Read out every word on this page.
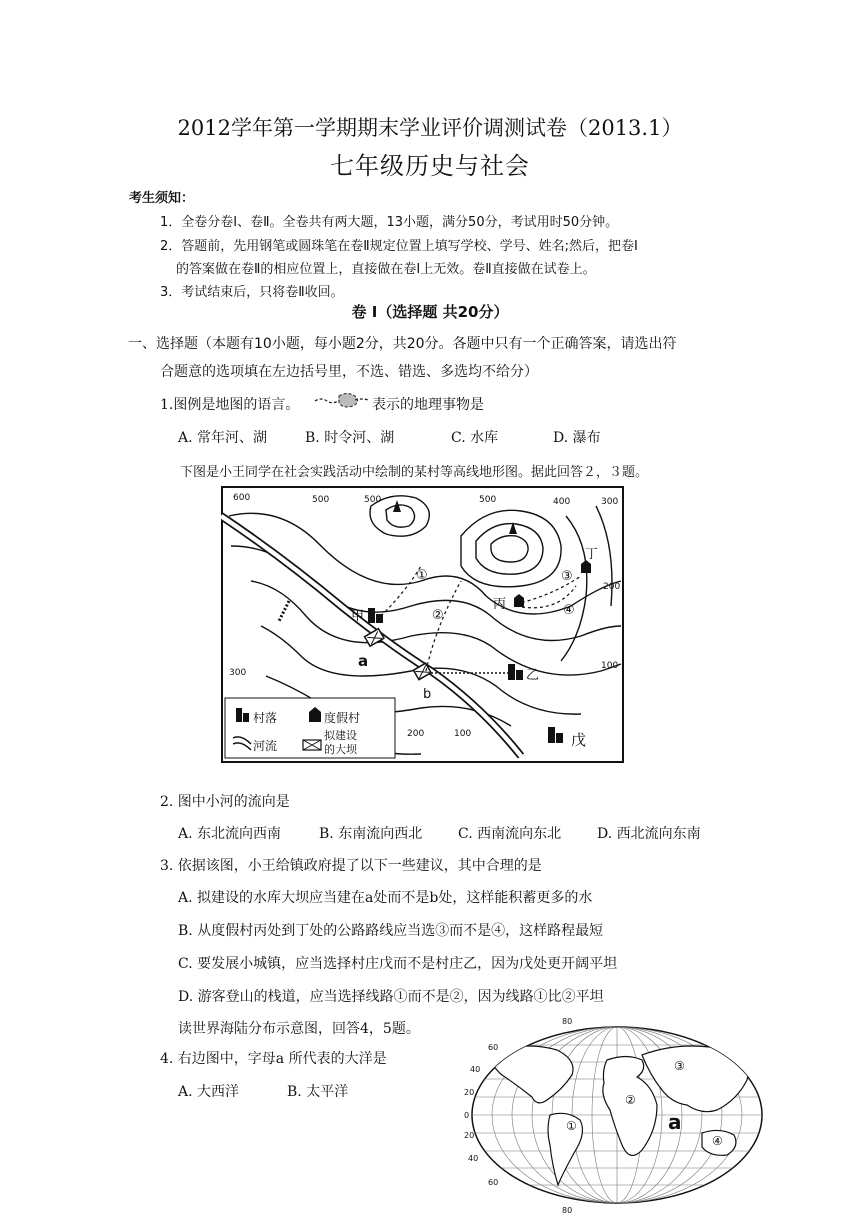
2012学年第一学期期末学业评价调测试卷（2013.1）
七年级历史与社会
考生须知：
1．全卷分卷Ⅰ、卷Ⅱ。全卷共有两大题，13小题，满分50分，考试用时50分钟。
2．答题前，先用钢笔或圆珠笔在卷Ⅱ规定位置上填写学校、学号、姓名;然后，把卷Ⅰ
的答案做在卷Ⅱ的相应位置上，直接做在卷Ⅰ上无效。卷Ⅱ直接做在试卷上。
3．考试结束后，只将卷Ⅱ收回。
卷 Ⅰ（选择题 共20分）
一、选择题（本题有10小题，每小题2分，共20分。各题中只有一个正确答案，请选出符
合题意的选项填在左边括号里，不选、错选、多选均不给分）
1.图例是地图的语言。	表示的地理事物是
A. 常年河、湖	B. 时令河、湖	C. 水库	D. 瀑布
下图是小王同学在社会实践活动中绘制的某村等高线地形图。据此回答２，３题。
600	500	500	500	400	300
200
100
300
200	100
甲
乙
丙
丁
戊
a
b
①
②
③
④
村落	度假村
河流
拟建设
的大坝
2. 图中小河的流向是
A. 东北流向西南	B. 东南流向西北	C. 西南流向东北	D. 西北流向东南
3. 依据该图，小王给镇政府提了以下一些建议，其中合理的是
A. 拟建设的水库大坝应当建在a处而不是b处，这样能积蓄更多的水
B. 从度假村丙处到丁处的公路路线应当选③而不是④，这样路程最短
C. 要发展小城镇，应当选择村庄戊而不是村庄乙，因为戊处更开阔平坦
D. 游客登山的栈道，应当选择线路①而不是②，因为线路①比②平坦
读世界海陆分布示意图，回答4，5题。
4. 右边图中，字母a 所代表的大洋是
A. 大西洋	B. 太平洋
80
60
40
20
0
20
40
60
80
①
②
③
④
a
